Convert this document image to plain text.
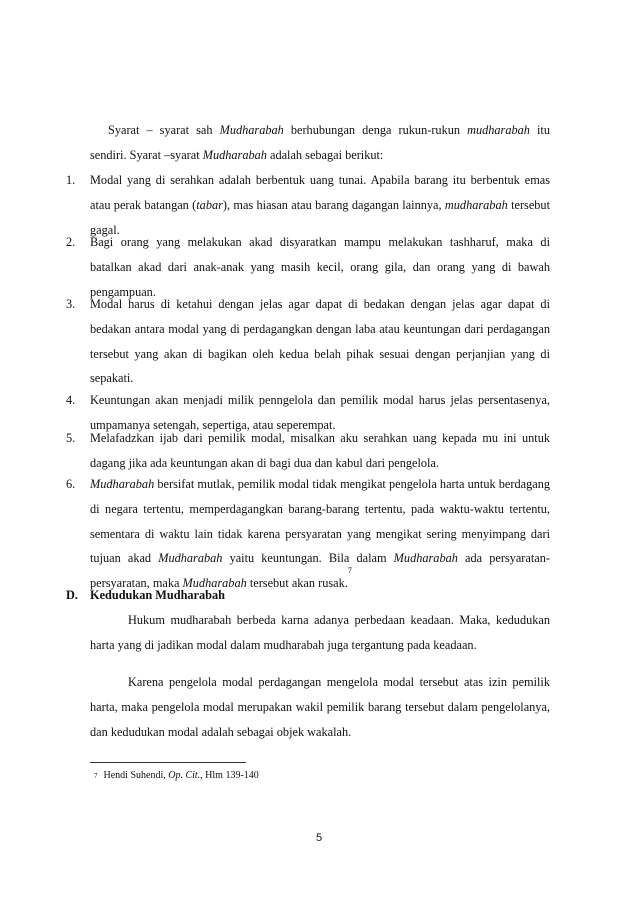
Syarat – syarat sah Mudharabah berhubungan denga rukun-rukun mudharabah itu sendiri. Syarat –syarat Mudharabah adalah sebagai berikut:

1. Modal yang di serahkan adalah berbentuk uang tunai. Apabila barang itu berbentuk emas atau perak batangan (tabar), mas hiasan atau barang dagangan lainnya, mudharabah tersebut gagal.
2. Bagi orang yang melakukan akad disyaratkan mampu melakukan tashharuf, maka di batalkan akad dari anak-anak yang masih kecil, orang gila, dan orang yang di bawah pengampuan.
3. Modal harus di ketahui dengan jelas agar dapat di bedakan dengan jelas agar dapat di bedakan antara modal yang di perdagangkan dengan laba atau keuntungan dari perdagangan tersebut yang akan di bagikan oleh kedua belah pihak sesuai dengan perjanjian yang di sepakati.
4. Keuntungan akan menjadi milik penngelola dan pemilik modal harus jelas persentasenya, umpamanya setengah, sepertiga, atau seperempat.
5. Melafadzkan ijab dari pemilik modal, misalkan aku serahkan uang kepada mu ini untuk dagang jika ada keuntungan akan di bagi dua dan kabul dari pengelola.
6. Mudharabah bersifat mutlak, pemilik modal tidak mengikat pengelola harta untuk berdagang di negara tertentu, memperdagangkan barang-barang tertentu, pada waktu-waktu tertentu, sementara di waktu lain tidak karena persyaratan yang mengikat sering menyimpang dari tujuan akad Mudharabah yaitu keuntungan. Bila dalam Mudharabah ada persyaratan-persyaratan, maka Mudharabah tersebut akan rusak.$^7$

D. Kedudukan Mudharabah

Hukum mudharabah berbeda karna adanya perbedaan keadaan. Maka, kedudukan harta yang di jadikan modal dalam mudharabah juga tergantung pada keadaan.

Karena pengelola modal perdagangan mengelola modal tersebut atas izin pemilik harta, maka pengelola modal merupakan wakil pemilik barang tersebut dalam pengelolanya, dan kedudukan modal adalah sebagai objek wakalah.

$^7$ Hendi Suhendi, Op. Cit., Hlm 139-140
5
